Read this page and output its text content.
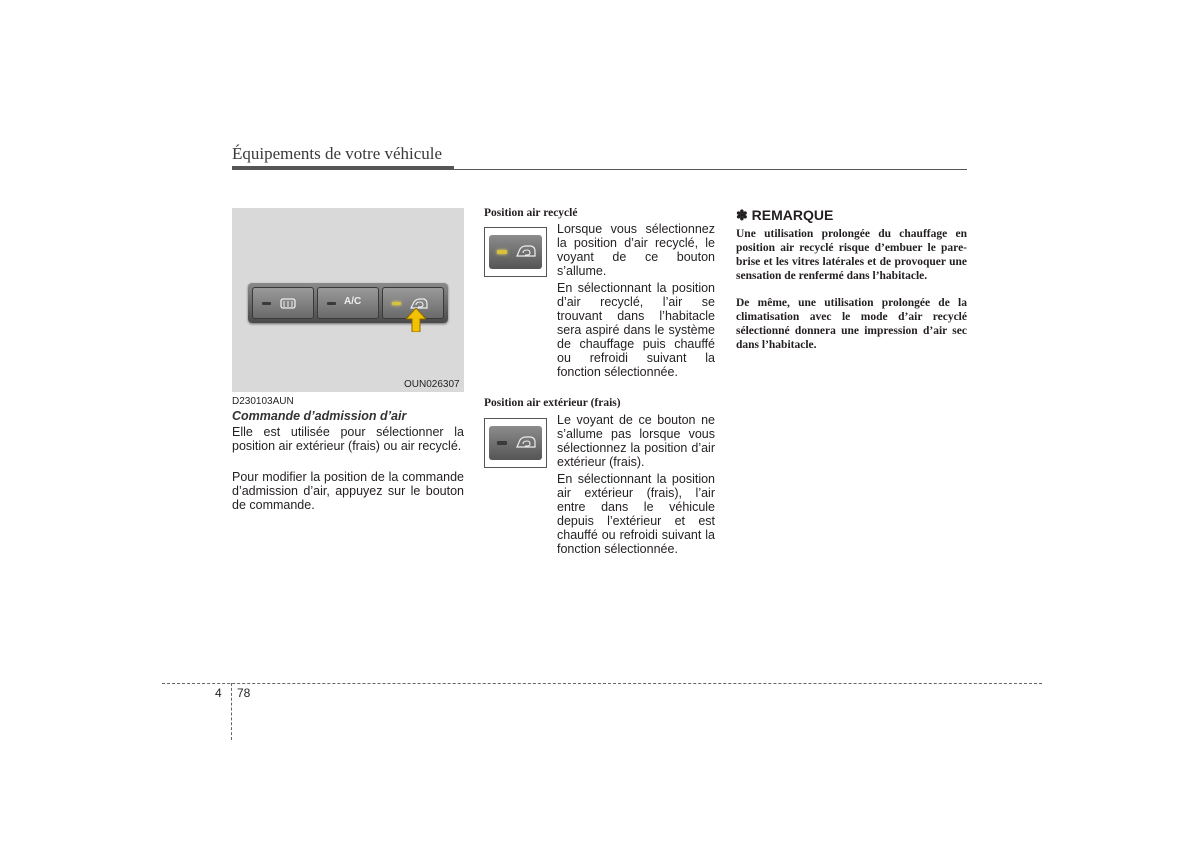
Équipements de votre véhicule
A/C
OUN026307
D230103AUN
Commande d’admission d’air
Elle est utilisée pour sélectionner la position air extérieur (frais) ou air recyclé.
Pour modifier la position de la commande d’admission d’air, appuyez sur le bouton de commande.
Position air recyclé
Lorsque vous sélectionnez la position d’air recyclé, le voyant de ce bouton s’allume.
En sélectionnant la position d’air recyclé, l’air se trouvant dans l’habitacle sera aspiré dans le système de chauffage puis chauffé ou refroidi suivant la fonction sélectionnée.
Position air extérieur (frais)
Le voyant de ce bouton ne s’allume pas lorsque vous sélectionnez la position d’air extérieur (frais).
En sélectionnant la position air extérieur (frais), l’air entre dans le véhicule depuis l’extérieur et est chauffé ou refroidi suivant la fonction sélectionnée.
✽ REMARQUE
Une utilisation prolongée du chauffage en position air recyclé risque d’embuer le pare-brise et les vitres latérales et de provoquer une sensation de renfermé dans l’habitacle.
De même, une utilisation prolongée de la climatisation avec le mode d’air recyclé sélectionné donnera une impression d’air sec dans l’habitacle.
4 78
